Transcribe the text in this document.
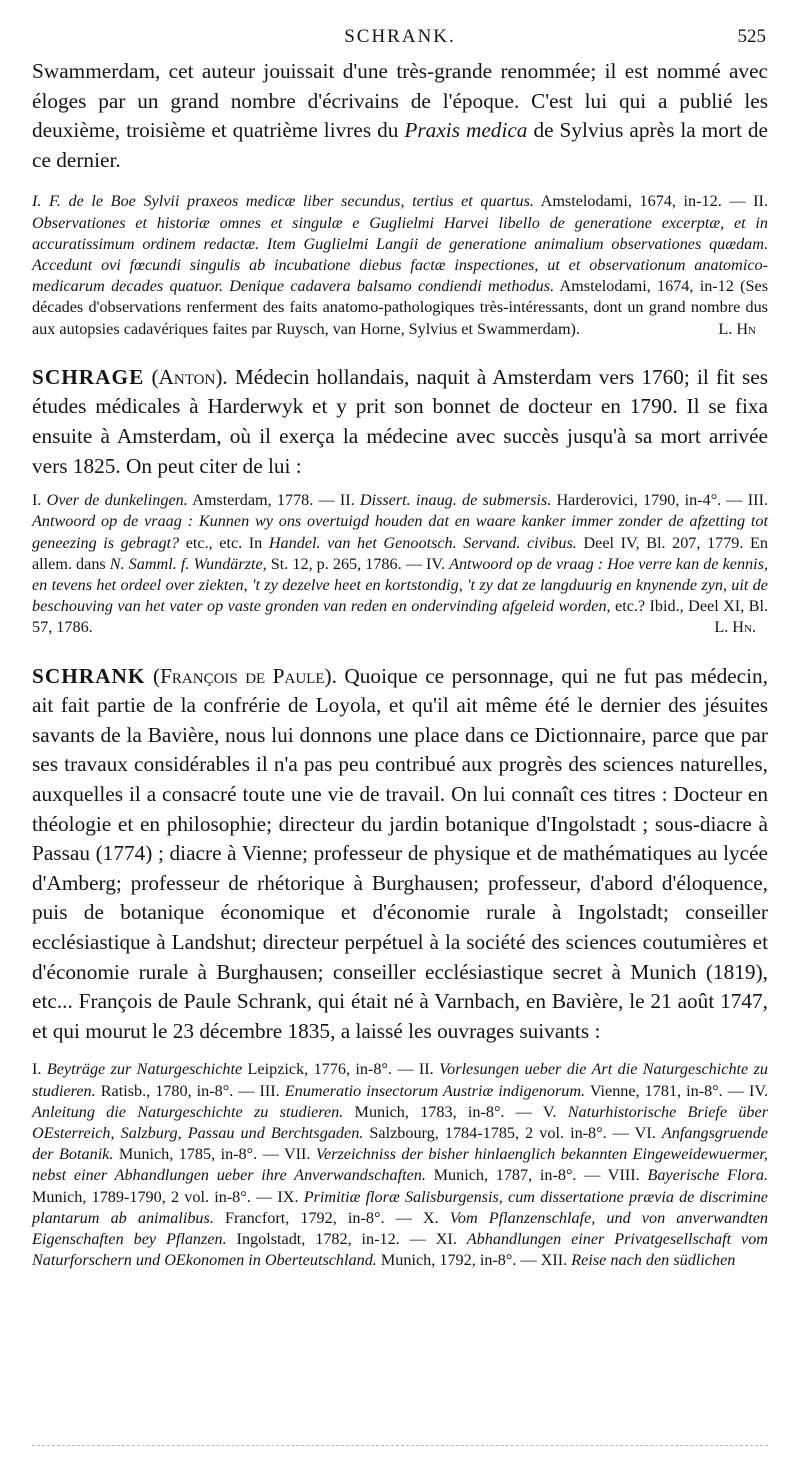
SCHRANK.	525

Swammerdam, cet auteur jouissait d'une très-grande renommée; il est nommé avec éloges par un grand nombre d'écrivains de l'époque. C'est lui qui a publié les deuxième, troisième et quatrième livres du Praxis medica de Sylvius après la mort de ce dernier.

I. F. de le Boe Sylvii praxeos medicæ liber secundus, tertius et quartus. Amstelodami, 1674, in-12. — II. Observationes et historiæ omnes et singulæ e Guglielmi Harvei libello de generatione excerptæ, et in accuratissimum ordinem redactæ. Item Guglielmi Langii de generatione animalium observationes quædam. Accedunt ovi fœcundi singulis ab incubatione diebus factæ inspectiones, ut et observationum anatomico-medicarum decades quatuor. Denique cadavera balsamo condiendi methodus. Amstelodami, 1674, in-12 (Ses décades d'observations renferment des faits anatomo-pathologiques très-intéressants, dont un grand nombre dus aux autopsies cadavériques faites par Ruysch, van Horne, Sylvius et Swammerdam).	L. Hn

SCHRAGE (Anton). Médecin hollandais, naquit à Amsterdam vers 1760; il fit ses études médicales à Harderwyk et y prit son bonnet de docteur en 1790. Il se fixa ensuite à Amsterdam, où il exerça la médecine avec succès jusqu'à sa mort arrivée vers 1825. On peut citer de lui :

I. Over de dunkelingen. Amsterdam, 1778. — II. Dissert. inaug. de submersis. Harderovici, 1790, in-4°. — III. Antwoord op de vraag : Kunnen wy ons overtuigd houden dat en waare kanker immer zonder de afzetting tot geneezing is gebragt? etc., etc. In Handel. van het Genootsch. Servand. civibus. Deel IV, Bl. 207, 1779. En allem. dans N. Samml. f. Wundärzte, St. 12, p. 265, 1786. — IV. Antwoord op de vraag : Hoe verre kan de kennis, en tevens het ordeel over ziekten, 't zy dezelve heet en kortstondig, 't zy dat ze langduurig en knynende zyn, uit de beschouving van het vater op vaste gronden van reden en ondervinding afgeleid worden, etc.? Ibid., Deel XI, Bl. 57, 1786.	L. Hn.

SCHRANK (François de Paule). Quoique ce personnage, qui ne fut pas médecin, ait fait partie de la confrérie de Loyola, et qu'il ait même été le dernier des jésuites savants de la Bavière, nous lui donnons une place dans ce Dictionnaire, parce que par ses travaux considérables il n'a pas peu contribué aux progrès des sciences naturelles, auxquelles il a consacré toute une vie de travail. On lui connaît ces titres : Docteur en théologie et en philosophie; directeur du jardin botanique d'Ingolstadt ; sous-diacre à Passau (1774) ; diacre à Vienne; professeur de physique et de mathématiques au lycée d'Amberg; professeur de rhétorique à Burghausen; professeur, d'abord d'éloquence, puis de botanique économique et d'économie rurale à Ingolstadt; conseiller ecclésiastique à Landshut; directeur perpétuel à la société des sciences coutumières et d'économie rurale à Burghausen; conseiller ecclésiastique secret à Munich (1819), etc... François de Paule Schrank, qui était né à Varnbach, en Bavière, le 21 août 1747, et qui mourut le 23 décembre 1835, a laissé les ouvrages suivants :

I. Beyträge zur Naturgeschichte Leipzick, 1776, in-8°. — II. Vorlesungen ueber die Art die Naturgeschichte zu studieren. Ratisb., 1780, in-8°. — III. Enumeratio insectorum Austriæ indigenorum. Vienne, 1781, in-8°. — IV. Anleitung die Naturgeschichte zu studieren. Munich, 1783, in-8°. — V. Naturhistorische Briefe über OEsterreich, Salzburg, Passau und Berchtsgaden. Salzbourg, 1784-1785, 2 vol. in-8°. — VI. Anfangsgruende der Botanik. Munich, 1785, in-8°. — VII. Verzeichniss der bisher hinlaenglich bekannten Eingeweidewuermer, nebst einer Abhandlungen ueber ihre Anverwandschaften. Munich, 1787, in-8°. — VIII. Bayerische Flora. Munich, 1789-1790, 2 vol. in-8°. — IX. Primitiæ floræ Salisburgensis, cum dissertatione prævia de discrimine plantarum ab animalibus. Francfort, 1792, in-8°. — X. Vom Pflanzenschlafe, und von anverwandten Eigenschaften bey Pflanzen. Ingolstadt, 1782, in-12. — XI. Abhandlungen einer Privatgesellschaft vom Naturforschern und OEkonomen in Oberteutschland. Munich, 1792, in-8°. — XII. Reise nach den südlichen
